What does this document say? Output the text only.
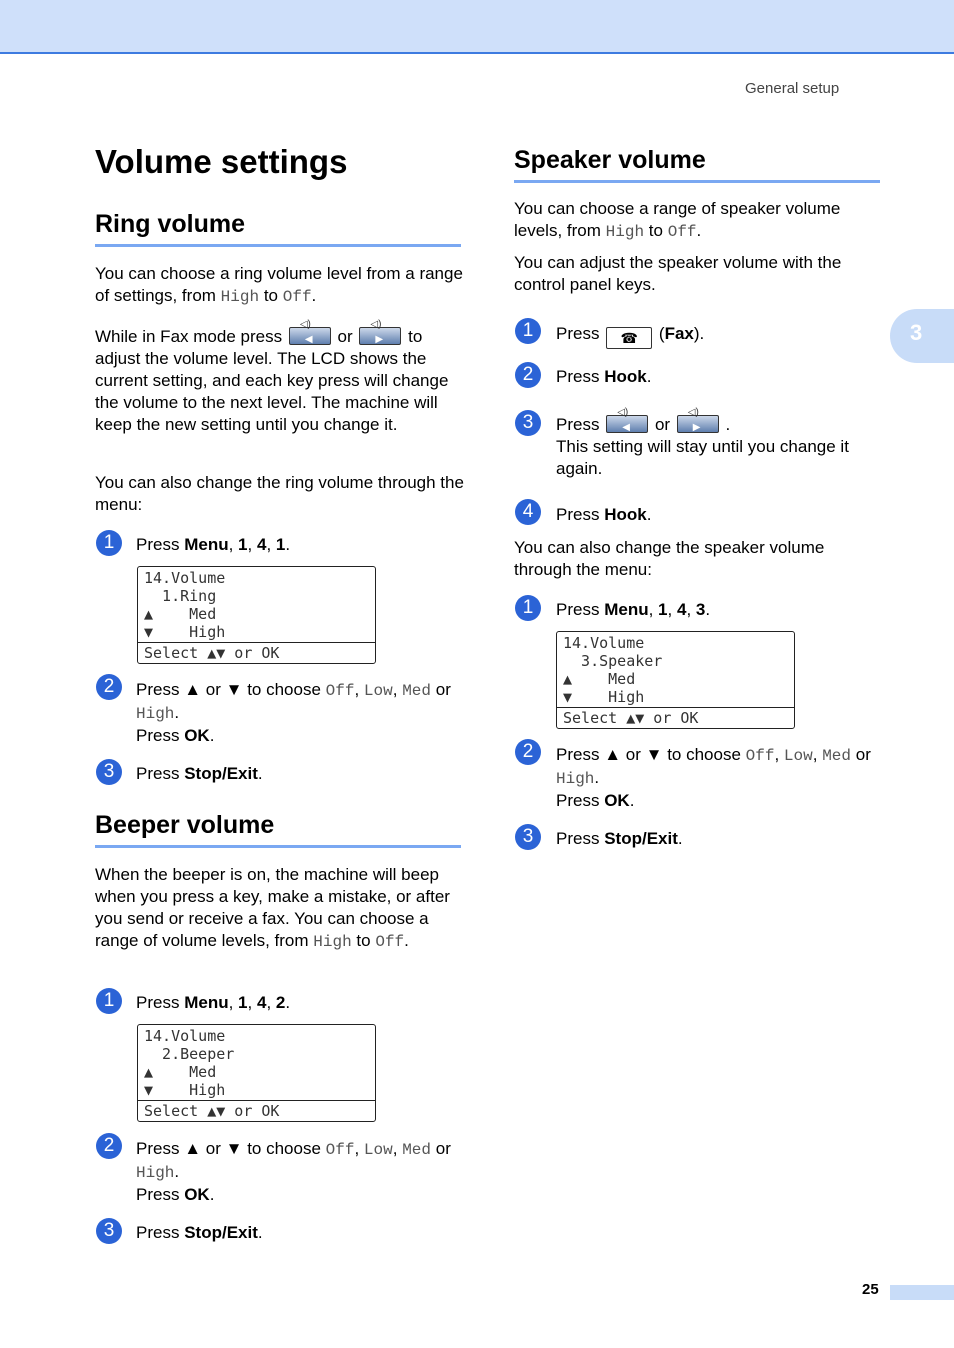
General setup
3
Volume settings
Ring volume
You can choose a ring volume level from a range of settings, from High to Off.
While in Fax mode press
◁)
◀ or
◁)
▶ to adjust the volume level. The LCD shows the current setting, and each key press will change the volume to the next level. The machine will keep the new setting until you change it.
You can also change the ring volume through the menu:
1	Press Menu, 1, 4, 1.
14.Volume
1.Ring
▲    Med
▼    High
Select ▲▼ or OK
2	Press ▲ or ▼ to choose Off, Low, Med or High.
Press OK.
3	Press Stop/Exit.
Beeper volume
When the beeper is on, the machine will beep when you press a key, make a mistake, or after you send or receive a fax. You can choose a range of volume levels, from High to Off.
1	Press Menu, 1, 4, 2.
14.Volume
2.Beeper
▲    Med
▼    High
Select ▲▼ or OK
2	Press ▲ or ▼ to choose Off, Low, Med or High.
Press OK.
3	Press Stop/Exit.
Speaker volume
You can choose a range of speaker volume levels, from High to Off.
You can adjust the speaker volume with the control panel keys.
1	Press ☎ (Fax).
2	Press Hook.
3	Press
◁)
◀ or
◁)
▶ .
This setting will stay until you change it again.
4	Press Hook.
You can also change the speaker volume through the menu:
1	Press Menu, 1, 4, 3.
14.Volume
3.Speaker
▲    Med
▼    High
Select ▲▼ or OK
2	Press ▲ or ▼ to choose Off, Low, Med or High.
Press OK.
3	Press Stop/Exit.
25
